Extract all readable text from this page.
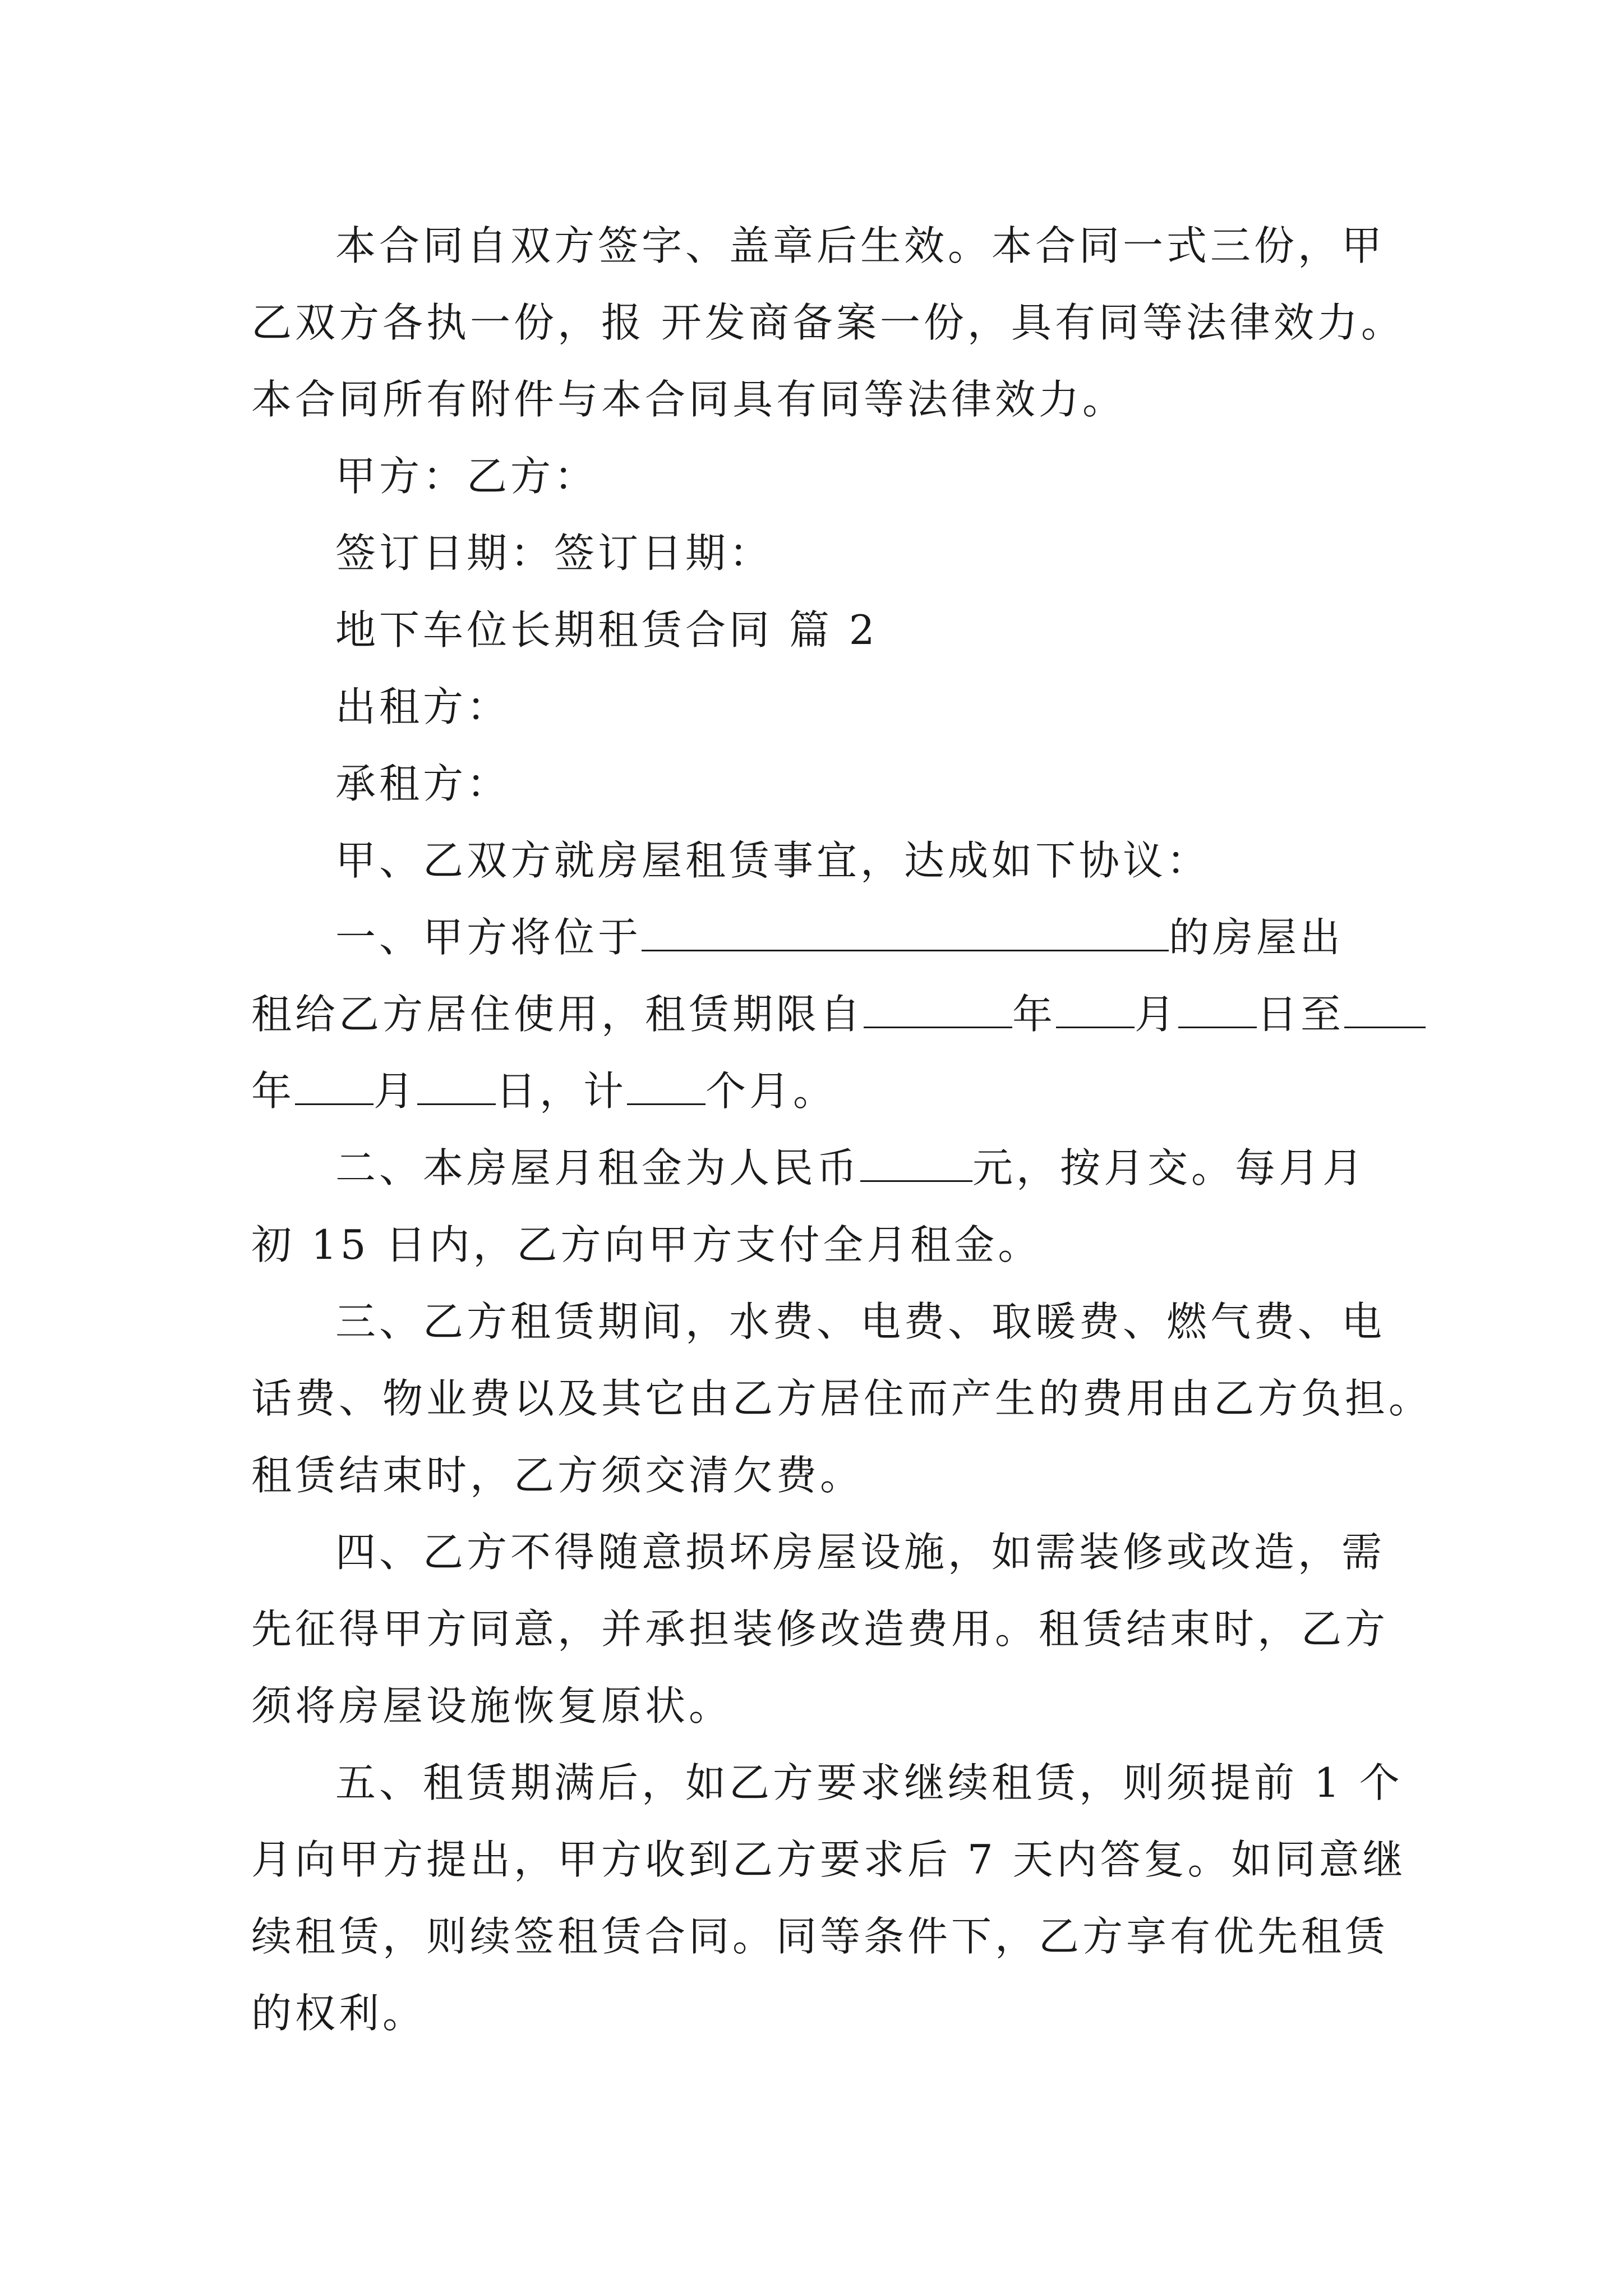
本合同自双方签字、盖章后生效。本合同一式三份，甲
乙双方各执一份，报 开发商备案一份，具有同等法律效力。
本合同所有附件与本合同具有同等法律效力。
甲方：乙方：
签订日期：签订日期：
地下车位长期租赁合同 篇 2
出租方：
承租方：
甲、乙双方就房屋租赁事宜，达成如下协议：
一、甲方将位于	的房屋出
租给乙方居住使用，租赁期限自	年 月 日至
年 月 日，计 个月。
二、本房屋月租金为人民币	元，按月交。每月月
初 15 日内，乙方向甲方支付全月租金。
三、乙方租赁期间，水费、电费、取暖费、燃气费、电
话费、物业费以及其它由乙方居住而产生的费用由乙方负担。
租赁结束时，乙方须交清欠费。
四、乙方不得随意损坏房屋设施，如需装修或改造，需
先征得甲方同意，并承担装修改造费用。租赁结束时，乙方
须将房屋设施恢复原状。
五、租赁期满后，如乙方要求继续租赁，则须提前 1 个
月向甲方提出，甲方收到乙方要求后 7 天内答复。如同意继
续租赁，则续签租赁合同。同等条件下，乙方享有优先租赁
的权利。
